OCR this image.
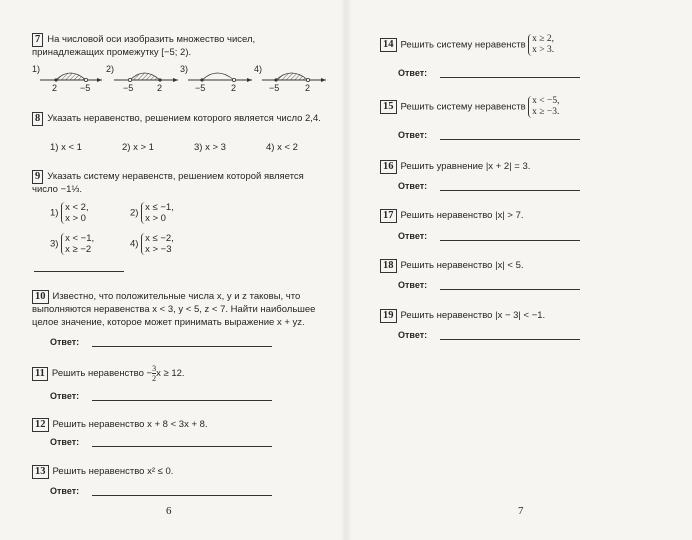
7 На числовой оси изобразить множество чисел, принадлежащих промежутку [−5; 2).
1)
2	−5
2)
−5	2
3)
−5	2
4)
−5	2
8 Указать неравенство, решением которого является число 2,4.
1) x < 1	2) x > 1	3) x > 3	4) x < 2
9 Указать систему неравенств, решением которой является число −1⅓.
1) x < 2,
x > 0	2) x ≤ −1,
x > 0
3) x < −1,
x ≥ −2	4) x ≤ −2,
x > −3
10 Известно, что положительные числа x, y и z таковы, что выполняются неравенства x < 3, y < 5, z < 7. Найти наибольшее целое значение, которое может принимать выражение x + yz.
Ответ:
11 Решить неравенство − $\frac{3}{2}$ x ≥ 12.
Ответ:
12 Решить неравенство x + 8 < 3x + 8.
Ответ:
13 Решить неравенство x² ≤ 0.
Ответ:
6
14 Решить систему неравенств x ≥ 2,
x > 3.
Ответ:
15 Решить систему неравенств x < −5,
x ≥ −3.
Ответ:
16 Решить уравнение |x + 2| = 3.
Ответ:
17 Решить неравенство |x| > 7.
Ответ:
18 Решить неравенство |x| < 5.
Ответ:
19 Решить неравенство |x − 3| < −1.
Ответ:
7
